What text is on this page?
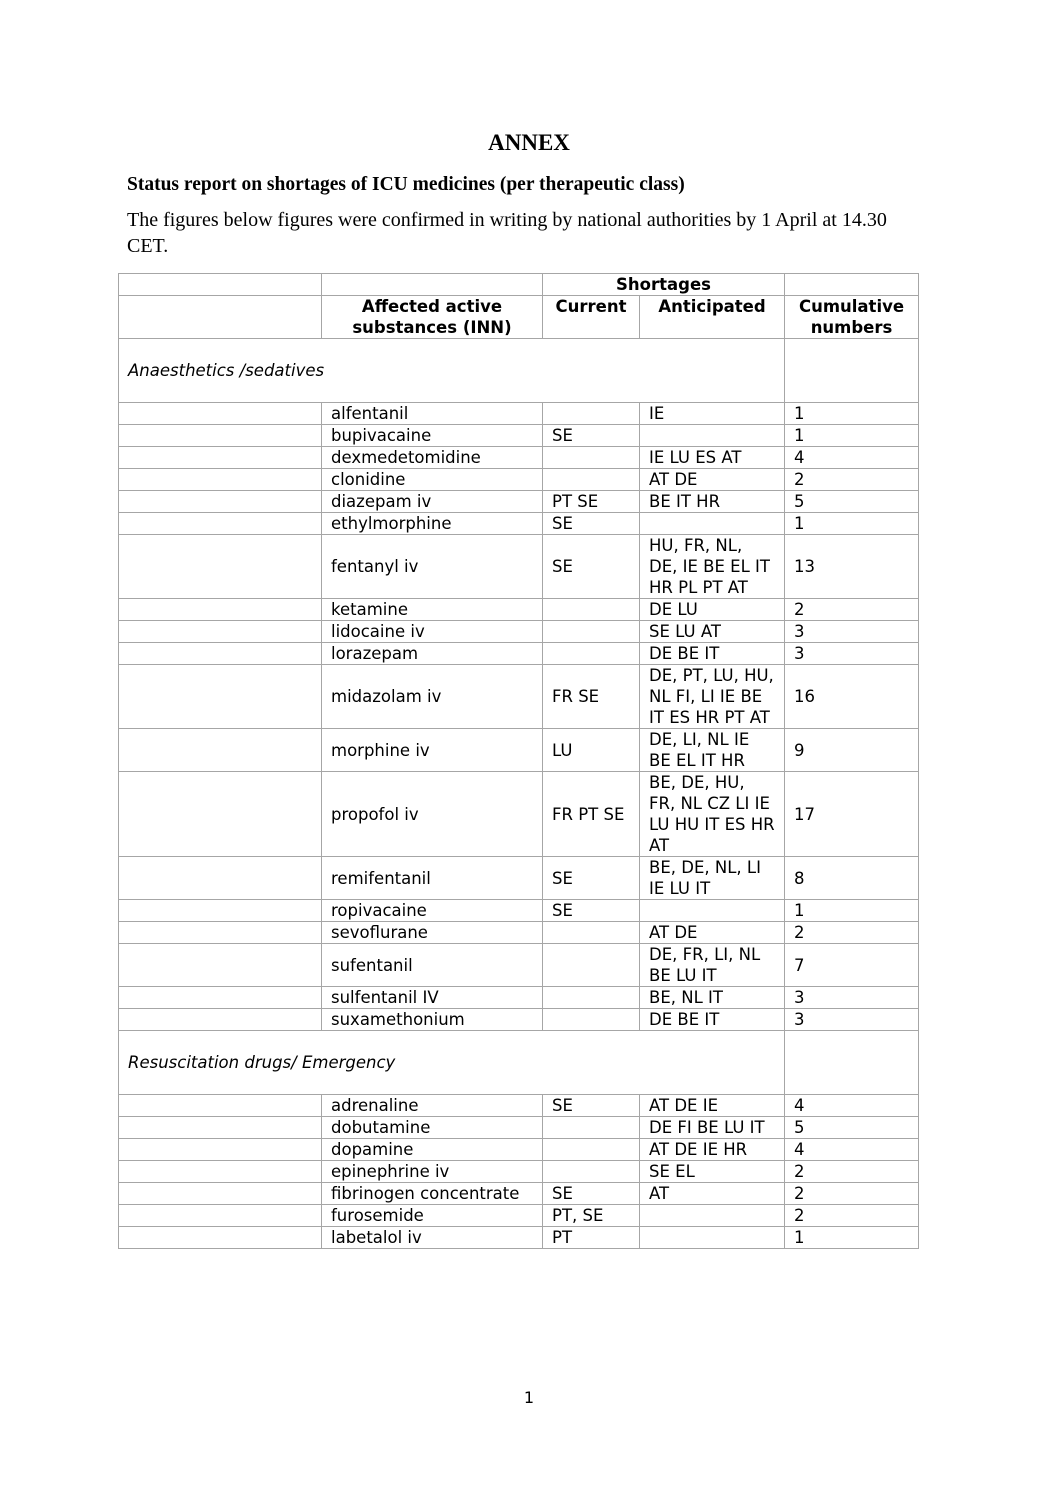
ANNEX
Status report on shortages of ICU medicines (per therapeutic class)
The figures below figures were confirmed in writing by national authorities by 1 April at 14.30 CET.
		Shortages		
	Affected active substances (INN)	Current	Anticipated	Cumulative numbers
Anaesthetics /sedatives				
	alfentanil		IE	1
	bupivacaine	SE		1
	dexmedetomidine		IE LU ES AT	4
	clonidine		AT DE	2
	diazepam iv	PT SE	BE IT HR	5
	ethylmorphine	SE		1
	fentanyl iv	SE	HU, FR, NL, DE, IE BE EL IT HR PL PT AT	13
	ketamine		DE LU	2
	lidocaine iv		SE LU AT	3
	lorazepam		DE BE IT	3
	midazolam iv	FR SE	DE, PT, LU, HU, NL FI, LI IE BE IT ES HR PT AT	16
	morphine iv	LU	DE, LI, NL IE BE EL IT HR	9
	propofol iv	FR PT SE	BE, DE, HU, FR, NL CZ LI IE LU HU IT ES HR AT	17
	remifentanil	SE	BE, DE, NL, LI IE LU IT	8
	ropivacaine	SE		1
	sevoflurane		AT DE	2
	sufentanil		DE, FR, LI, NL BE LU IT	7
	sulfentanil IV		BE, NL IT	3
	suxamethonium		DE BE IT	3
Resuscitation drugs/ Emergency				
	adrenaline	SE	AT DE IE	4
	dobutamine		DE FI BE LU IT	5
	dopamine		AT DE IE HR	4
	epinephrine iv		SE EL	2
	fibrinogen concentrate	SE	AT	2
	furosemide	PT, SE		2
	labetalol iv	PT		1
1
